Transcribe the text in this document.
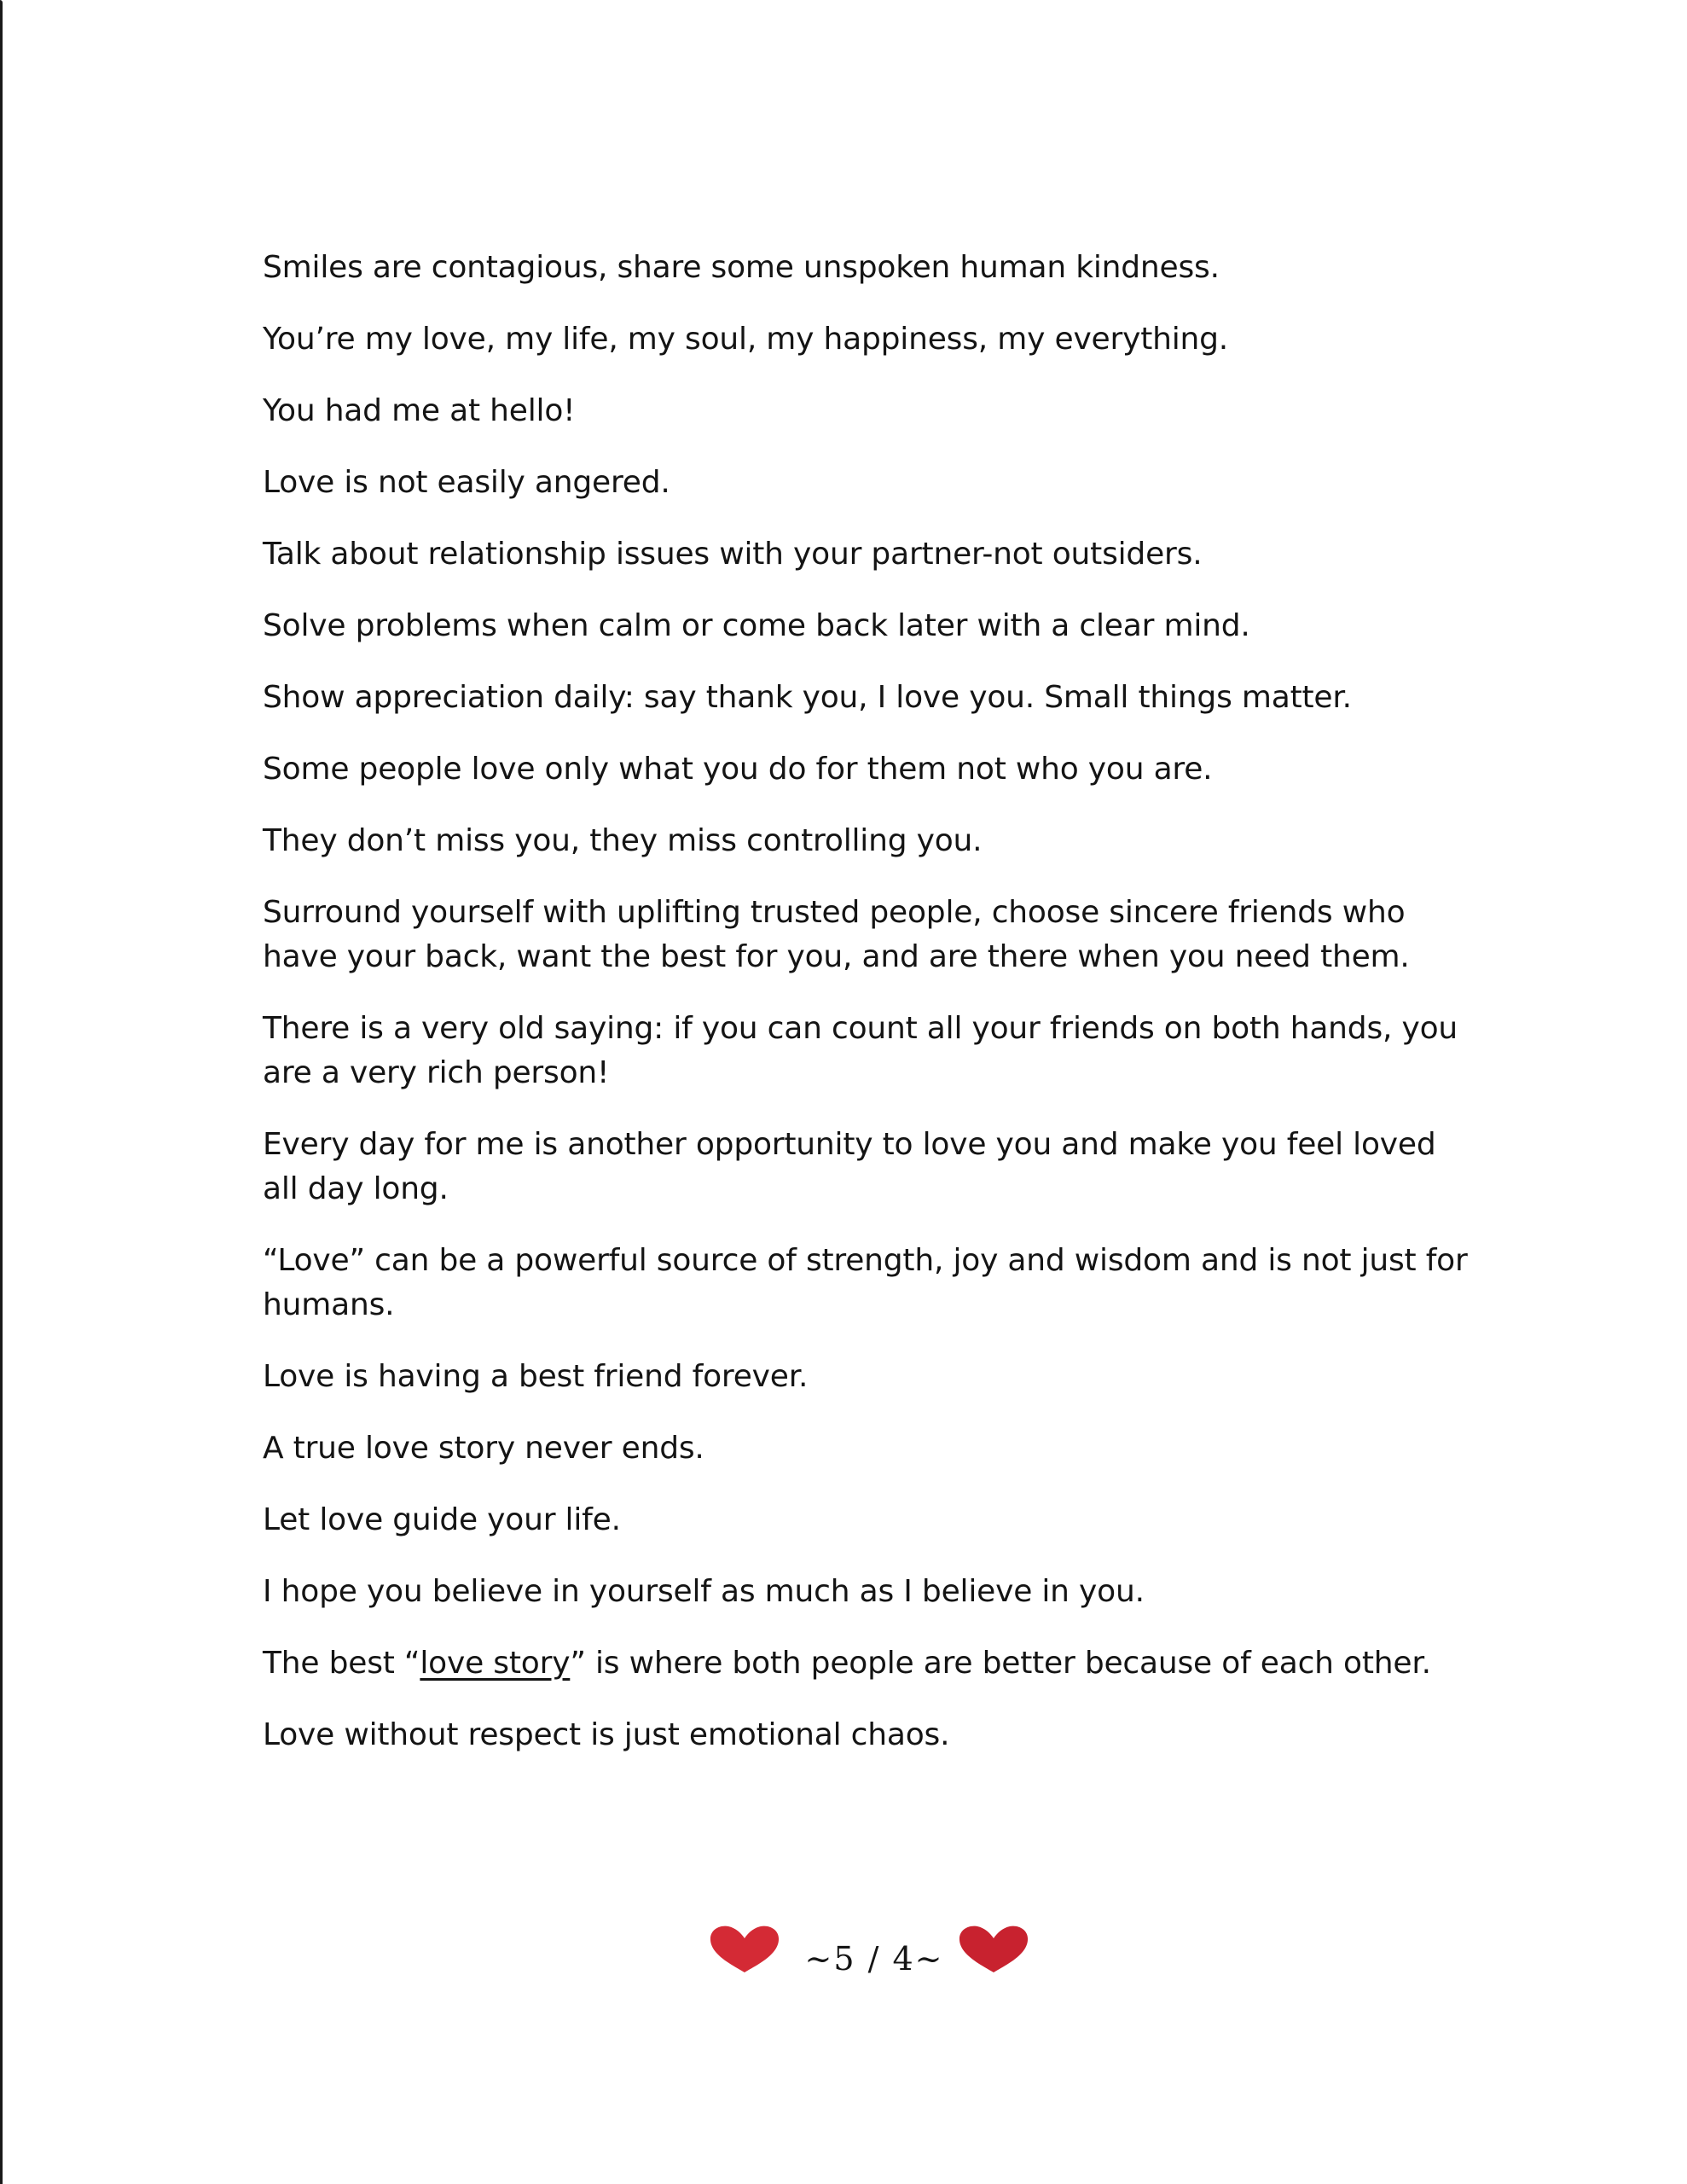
Smiles are contagious, share some unspoken human kindness.

You’re my love, my life, my soul, my happiness, my everything.

You had me at hello!

Love is not easily angered.

Talk about relationship issues with your partner-not outsiders.

Solve problems when calm or come back later with a clear mind.

Show appreciation daily: say thank you, I love you. Small things matter.

Some people love only what you do for them not who you are.

They don’t miss you, they miss controlling you.

Surround yourself with uplifting trusted people, choose sincere friends who have your back, want the best for you, and are there when you need them.

There is a very old saying: if you can count all your friends on both hands, you are a very rich person!

Every day for me is another opportunity to love you and make you feel loved all day long.

“Love” can be a powerful source of strength, joy and wisdom and is not just for humans.

Love is having a best friend forever.

A true love story never ends.

Let love guide your life.

I hope you believe in yourself as much as I believe in you.

The best “love story” is where both people are better because of each other.

Love without respect is just emotional chaos.

~5 / 4~
